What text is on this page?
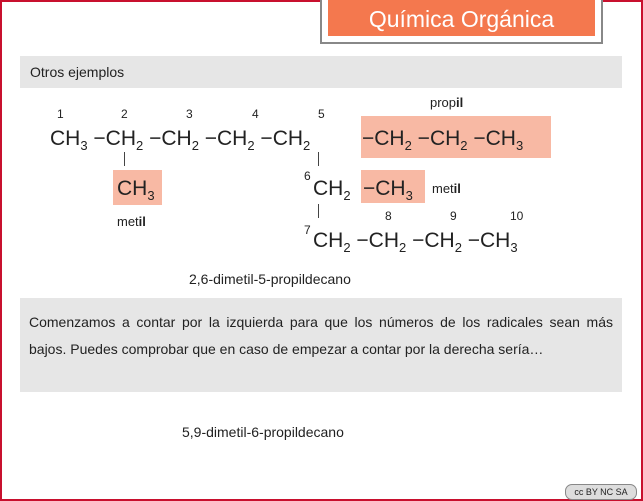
Química Orgánica
Otros ejemplos
1	2	3	4	5
6
7
8	9	10
$CH_3 -CH_2 -CH_2 -CH_2 -CH_2 -CH_2 -CH_2 -CH_3$
propil
$CH_3$
metil
$CH_2 -CH_3$ metil
$CH_2 -CH_2 -CH_2 -CH_3$
2,6-dimetil-5-propildecano

Comenzamos a contar por la izquierda para que los números de los radicales sean más bajos. Puedes comprobar que en caso de empezar a contar por la derecha sería…

5,9-dimetil-6-propildecano
cc BY NC SA
